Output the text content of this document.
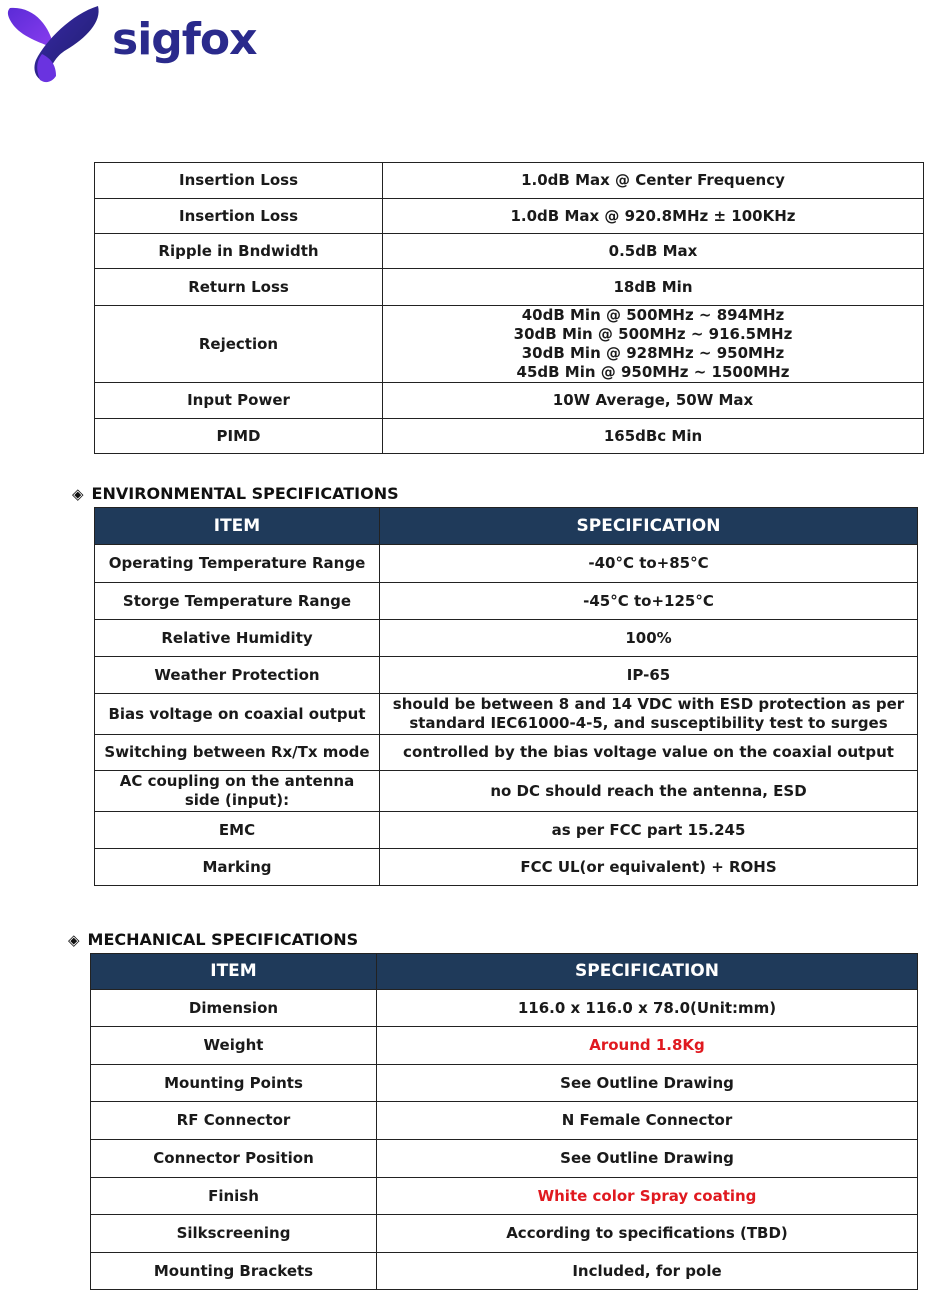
sigfox
Insertion Loss	1.0dB Max @ Center Frequency

Insertion Loss	1.0dB Max @ 920.8MHz ± 100KHz

Ripple in Bndwidth	0.5dB Max

Return Loss	18dB Min

Rejection	40dB Min @ 500MHz ~ 894MHz
30dB Min @ 500MHz ~ 916.5MHz
30dB Min @ 928MHz ~ 950MHz
45dB Min @ 950MHz ~ 1500MHz

Input Power	10W Average, 50W Max

PIMD	165dBc Min
◈ ENVIRONMENTAL SPECIFICATIONS
ITEM	SPECIFICATION
Operating Temperature Range	-40°C to+85°C
Storge Temperature Range	-45°C to+125°C
Relative Humidity	100%
Weather Protection	IP-65
Bias voltage on coaxial output	should be between 8 and 14 VDC with ESD protection as per standard IEC61000-4-5, and susceptibility test to surges
Switching between Rx/Tx mode	controlled by the bias voltage value on the coaxial output
AC coupling on the antenna side (input):	no DC should reach the antenna, ESD
EMC	as per FCC part 15.245
Marking	FCC UL(or equivalent) + ROHS
◈ MECHANICAL SPECIFICATIONS
ITEM	SPECIFICATION
Dimension	116.0 x 116.0 x 78.0(Unit:mm)
Weight	Around 1.8Kg
Mounting Points	See Outline Drawing
RF Connector	N Female Connector
Connector Position	See Outline Drawing
Finish	White color Spray coating
Silkscreening	According to specifications (TBD)
Mounting Brackets	Included, for pole
